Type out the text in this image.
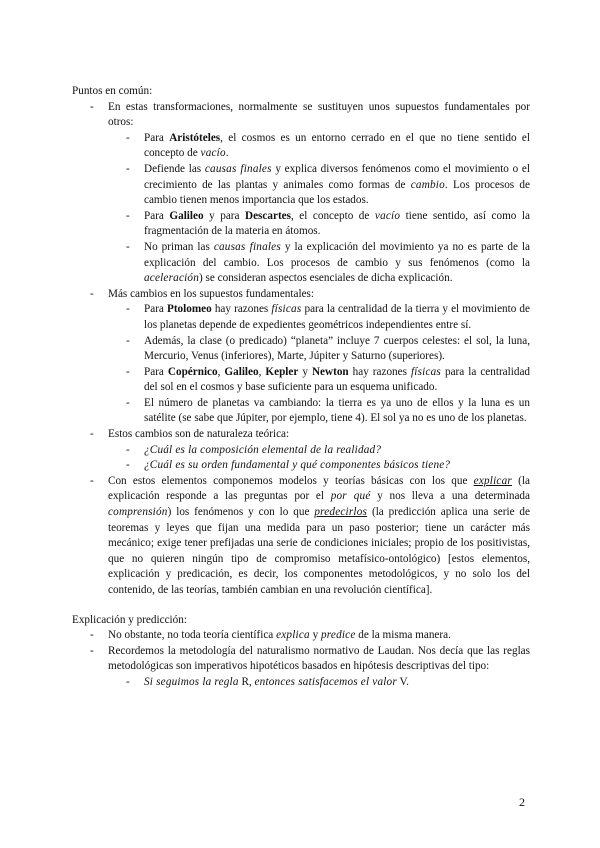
Puntos en común:

- En estas transformaciones, normalmente se sustituyen unos supuestos fundamentales por otros:
- Para Aristóteles, el cosmos es un entorno cerrado en el que no tiene sentido el concepto de vacío.
- Defiende las causas finales y explica diversos fenómenos como el movimiento o el crecimiento de las plantas y animales como formas de cambio. Los procesos de cambio tienen menos importancia que los estados.
- Para Galileo y para Descartes, el concepto de vacío tiene sentido, así como la fragmentación de la materia en átomos.
- No priman las causas finales y la explicación del movimiento ya no es parte de la explicación del cambio. Los procesos de cambio y sus fenómenos (como la aceleración) se consideran aspectos esenciales de dicha explicación.
- Más cambios en los supuestos fundamentales:
- Para Ptolomeo hay razones físicas para la centralidad de la tierra y el movimiento de los planetas depende de expedientes geométricos independientes entre sí.
- Además, la clase (o predicado) “planeta” incluye 7 cuerpos celestes: el sol, la luna, Mercurio, Venus (inferiores), Marte, Júpiter y Saturno (superiores).
- Para Copérnico, Galileo, Kepler y Newton hay razones físicas para la centralidad del sol en el cosmos y base suficiente para un esquema unificado.
- El número de planetas va cambiando: la tierra es ya uno de ellos y la luna es un satélite (se sabe que Júpiter, por ejemplo, tiene 4). El sol ya no es uno de los planetas.
- Estos cambios son de naturaleza teórica:
- ¿Cuál es la composición elemental de la realidad?
- ¿Cuál es su orden fundamental y qué componentes básicos tiene?
- Con estos elementos componemos modelos y teorías básicas con los que explicar (la explicación responde a las preguntas por el por qué y nos lleva a una determinada comprensión) los fenómenos y con lo que predecirlos (la predicción aplica una serie de teoremas y leyes que fijan una medida para un paso posterior; tiene un carácter más mecánico; exige tener prefijadas una serie de condiciones iniciales; propio de los positivistas, que no quieren ningún tipo de compromiso metafísico-ontológico) [estos elementos, explicación y predicación, es decir, los componentes metodológicos, y no solo los del contenido, de las teorías, también cambian en una revolución científica].

Explicación y predicción:

- No obstante, no toda teoría científica explica y predice de la misma manera.
- Recordemos la metodología del naturalismo normativo de Laudan. Nos decía que las reglas metodológicas son imperativos hipotéticos basados en hipótesis descriptivas del tipo:
- Si seguimos la regla R, entonces satisfacemos el valor V.
2
